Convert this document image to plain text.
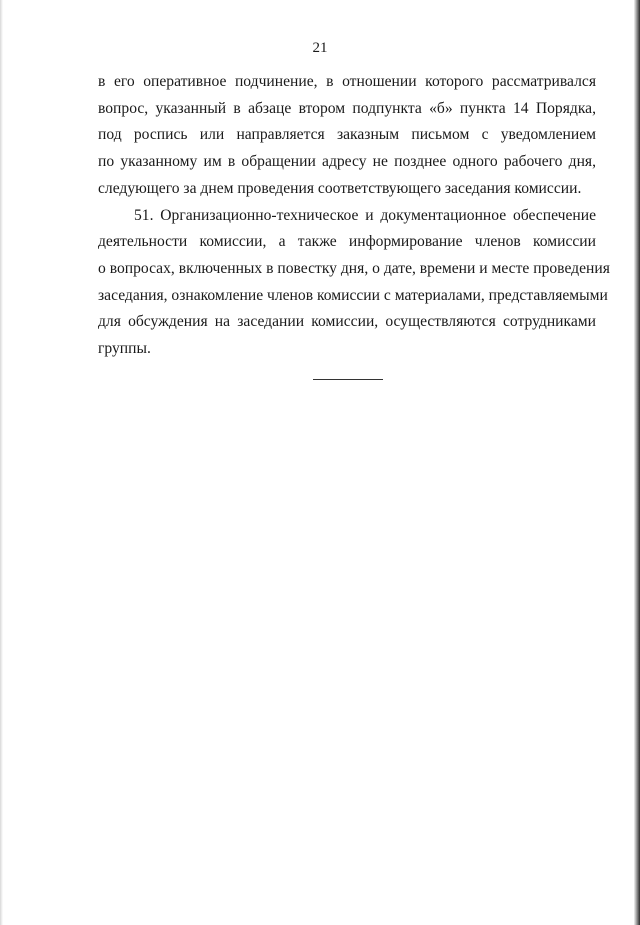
21
в его оперативное подчинение, в отношении которого рассматривался
вопрос, указанный в абзаце втором подпункта «б» пункта 14 Порядка,
под роспись или направляется заказным письмом с уведомлением
по указанному им в обращении адресу не позднее одного рабочего дня,
следующего за днем проведения соответствующего заседания комиссии.
51. Организационно-техническое и документационное обеспечение
деятельности комиссии, а также информирование членов комиссии
о вопросах, включенных в повестку дня, о дате, времени и месте проведения
заседания, ознакомление членов комиссии с материалами, представляемыми
для обсуждения на заседании комиссии, осуществляются сотрудниками
группы.
